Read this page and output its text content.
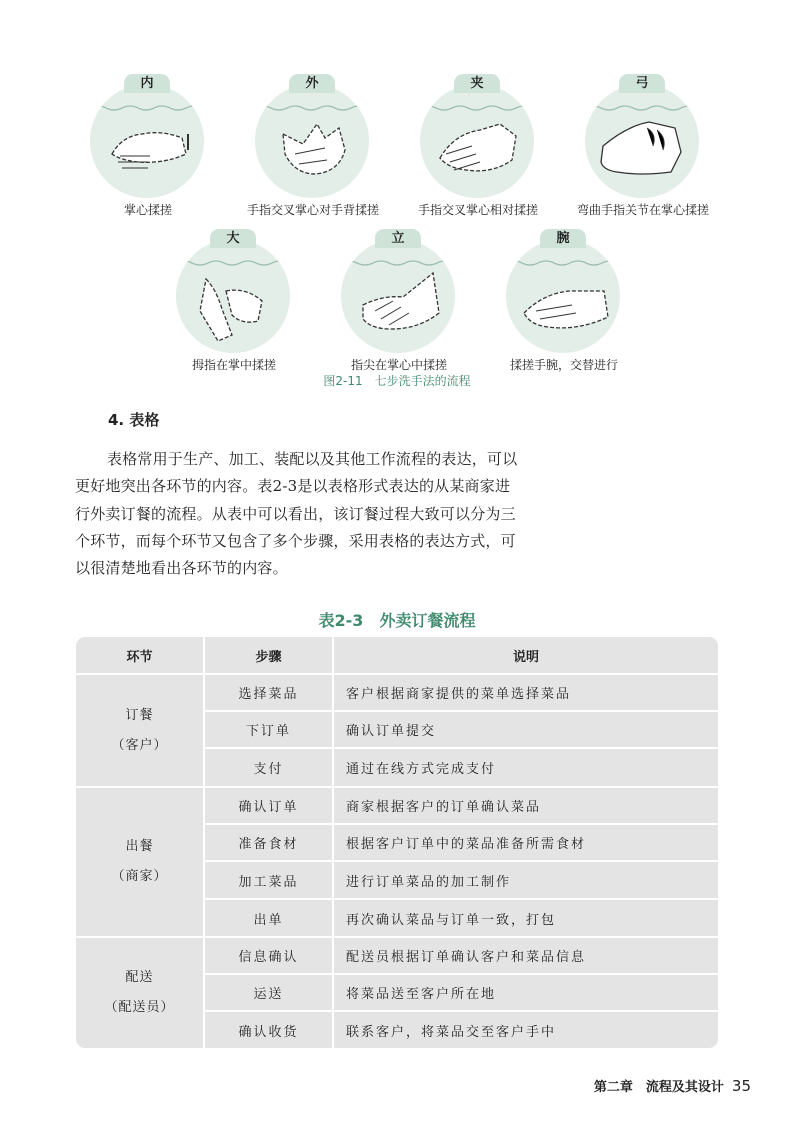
内
掌心揉搓
外
手指交叉掌心对手背揉搓
夹
手指交叉掌心相对揉搓
弓
弯曲手指关节在掌心揉搓
大
拇指在掌中揉搓
立
指尖在掌心中揉搓
腕
揉搓手腕，交替进行
图2-11　七步洗手法的流程
4. 表格
表格常用于生产、加工、装配以及其他工作流程的表达，可以
更好地突出各环节的内容。表2-3是以表格形式表达的从某商家进
行外卖订餐的流程。从表中可以看出，该订餐过程大致可以分为三
个环节，而每个环节又包含了多个步骤，采用表格的表达方式，可
以很清楚地看出各环节的内容。
表2-3　外卖订餐流程
环节	步骤	说明
订餐
（客户）
选择菜品	客户根据商家提供的菜单选择菜品
下订单	确认订单提交
支付	通过在线方式完成支付
出餐
（商家）
确认订单	商家根据客户的订单确认菜品
准备食材	根据客户订单中的菜品准备所需食材
加工菜品	进行订单菜品的加工制作
出单	再次确认菜品与订单一致，打包
配送
（配送员）
信息确认	配送员根据订单确认客户和菜品信息
运送	将菜品送至客户所在地
确认收货	联系客户，将菜品交至客户手中
第二章　流程及其设计 35
